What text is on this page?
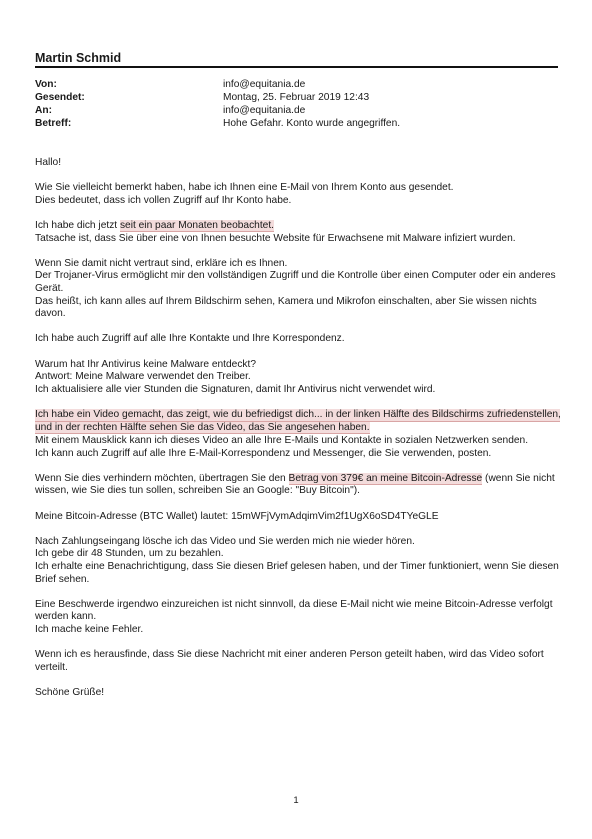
Martin Schmid
Von:	info@equitania.de
Gesendet:	Montag, 25. Februar 2019 12:43
An:	info@equitania.de
Betreff:	Hohe Gefahr. Konto wurde angegriffen.

Hallo!

Wie Sie vielleicht bemerkt haben, habe ich Ihnen eine E-Mail von Ihrem Konto aus gesendet.
Dies bedeutet, dass ich vollen Zugriff auf Ihr Konto habe.

Ich habe dich jetzt seit ein paar Monaten beobachtet.
Tatsache ist, dass Sie über eine von Ihnen besuchte Website für Erwachsene mit Malware infiziert wurden.

Wenn Sie damit nicht vertraut sind, erkläre ich es Ihnen.
Der Trojaner-Virus ermöglicht mir den vollständigen Zugriff und die Kontrolle über einen Computer oder ein anderes
Gerät.
Das heißt, ich kann alles auf Ihrem Bildschirm sehen, Kamera und Mikrofon einschalten, aber Sie wissen nichts
davon.

Ich habe auch Zugriff auf alle Ihre Kontakte und Ihre Korrespondenz.

Warum hat Ihr Antivirus keine Malware entdeckt?
Antwort: Meine Malware verwendet den Treiber.
Ich aktualisiere alle vier Stunden die Signaturen, damit Ihr Antivirus nicht verwendet wird.

Ich habe ein Video gemacht, das zeigt, wie du befriedigst dich... in der linken Hälfte des Bildschirms zufriedenstellen,
und in der rechten Hälfte sehen Sie das Video, das Sie angesehen haben.
Mit einem Mausklick kann ich dieses Video an alle Ihre E-Mails und Kontakte in sozialen Netzwerken senden.
Ich kann auch Zugriff auf alle Ihre E-Mail-Korrespondenz und Messenger, die Sie verwenden, posten.

Wenn Sie dies verhindern möchten, übertragen Sie den Betrag von 379€ an meine Bitcoin-Adresse (wenn Sie nicht
wissen, wie Sie dies tun sollen, schreiben Sie an Google: "Buy Bitcoin").

Meine Bitcoin-Adresse (BTC Wallet) lautet: 15mWFjVymAdqimVim2f1UgX6oSD4TYeGLE

Nach Zahlungseingang lösche ich das Video und Sie werden mich nie wieder hören.
Ich gebe dir 48 Stunden, um zu bezahlen.
Ich erhalte eine Benachrichtigung, dass Sie diesen Brief gelesen haben, und der Timer funktioniert, wenn Sie diesen
Brief sehen.

Eine Beschwerde irgendwo einzureichen ist nicht sinnvoll, da diese E-Mail nicht wie meine Bitcoin-Adresse verfolgt
werden kann.
Ich mache keine Fehler.

Wenn ich es herausfinde, dass Sie diese Nachricht mit einer anderen Person geteilt haben, wird das Video sofort
verteilt.

Schöne Grüße!

1
